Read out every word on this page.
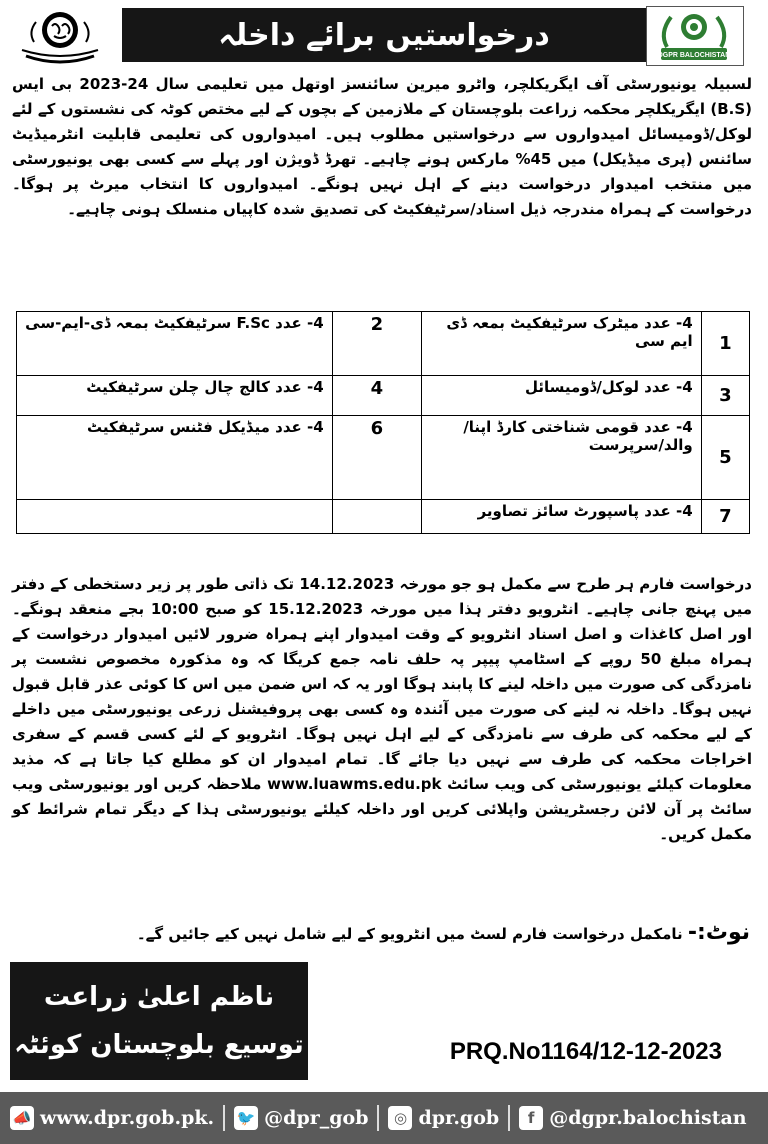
درخواستیں برائے داخلہ
DGPR BALOCHISTAN

لسبیلہ یونیورسٹی آف ایگریکلچر، واٹرو میرین سائنسز اوتھل میں تعلیمی سال 24-2023 بی ایس (B.S) ایگریکلچر محکمہ زراعت بلوچستان کے ملازمین کے بچوں کے لیے مختص کوٹہ کی نشستوں کے لئے لوکل/ڈومیسائل امیدواروں سے درخواستیں مطلوب ہیں۔ امیدواروں کی تعلیمی قابلیت انٹرمیڈیٹ سائنس (پری میڈیکل) میں 45% مارکس ہونے چاہیے۔ تھرڈ ڈویژن اور پہلے سے کسی بھی یونیورسٹی میں منتخب امیدوار درخواست دینے کے اہل نہیں ہونگے۔ امیدواروں کا انتخاب میرٹ پر ہوگا۔ درخواست کے ہمراہ مندرجہ ذیل اسناد/سرٹیفکیٹ کی تصدیق شدہ کاپیاں منسلک ہونی چاہیے۔

1	4- عدد میٹرک سرٹیفکیٹ بمعہ ڈی ایم سی	2	4- عدد F.Sc سرٹیفکیٹ بمعہ ڈی-ایم-سی
3	4- عدد لوکل/ڈومیسائل	4	4- عدد کالج چال چلن سرٹیفکیٹ
5	4- عدد قومی شناختی کارڈ اپنا/والد/سرپرست	6	4- عدد میڈیکل فٹنس سرٹیفکیٹ
7	4- عدد پاسپورٹ سائز تصاویر		

درخواست فارم ہر طرح سے مکمل ہو جو مورخہ 14.12.2023 تک ذاتی طور پر زیر دستخطی کے دفتر میں پہنچ جانی چاہیے۔ انٹرویو دفتر ہذا میں مورخہ 15.12.2023 کو صبح 10:00 بجے منعقد ہونگے۔ اور اصل کاغذات و اصل اسناد انٹرویو کے وقت امیدوار اپنے ہمراہ ضرور لائیں امیدوار درخواست کے ہمراہ مبلغ 50 روپے کے اسٹامپ پیپر پہ حلف نامہ جمع کریگا کہ وہ مذکورہ مخصوص نشست پر نامزدگی کی صورت میں داخلہ لینے کا پابند ہوگا اور یہ کہ اس ضمن میں اس کا کوئی عذر قابل قبول نہیں ہوگا۔ داخلہ نہ لینے کی صورت میں آئندہ وہ کسی بھی پروفیشنل زرعی یونیورسٹی میں داخلے کے لیے محکمہ کی طرف سے نامزدگی کے لیے اہل نہیں ہوگا۔ انٹرویو کے لئے کسی قسم کے سفری اخراجات محکمہ کی طرف سے نہیں دیا جائے گا۔ تمام امیدوار ان کو مطلع کیا جاتا ہے کہ مذید معلومات کیلئے یونیورسٹی کی ویب سائٹ www.luawms.edu.pk ملاحظہ کریں اور یونیورسٹی ویب سائٹ پر آن لائن رجسٹریشن واپلائی کریں اور داخلہ کیلئے یونیورسٹی ہذا کے دیگر تمام شرائط کو مکمل کریں۔

نوٹ:- نامکمل درخواست فارم لسٹ میں انٹرویو کے لیے شامل نہیں کیے جائیں گے۔
ناظم اعلیٰ زراعت
توسیع بلوچستان کوئٹہ	PRQ.No1164/12-12-2023
📣 www.dpr.gob.pk. 🐦 @dpr_gob	◎ dpr.gob	f @dgpr.balochistan
